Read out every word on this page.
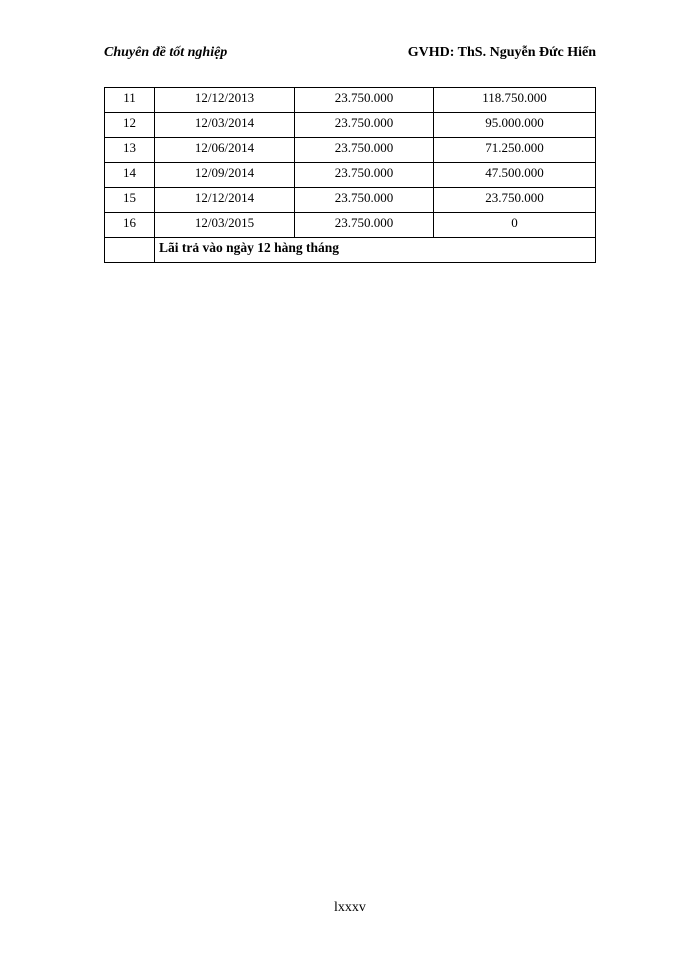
Chuyên đề tốt nghiệp	GVHD: ThS. Nguyễn Đức Hiển
11	12/12/2013	23.750.000	118.750.000
12	12/03/2014	23.750.000	95.000.000
13	12/06/2014	23.750.000	71.250.000
14	12/09/2014	23.750.000	47.500.000
15	12/12/2014	23.750.000	23.750.000
16	12/03/2015	23.750.000	0
	Lãi trả vào ngày 12 hàng tháng		
lxxxv
